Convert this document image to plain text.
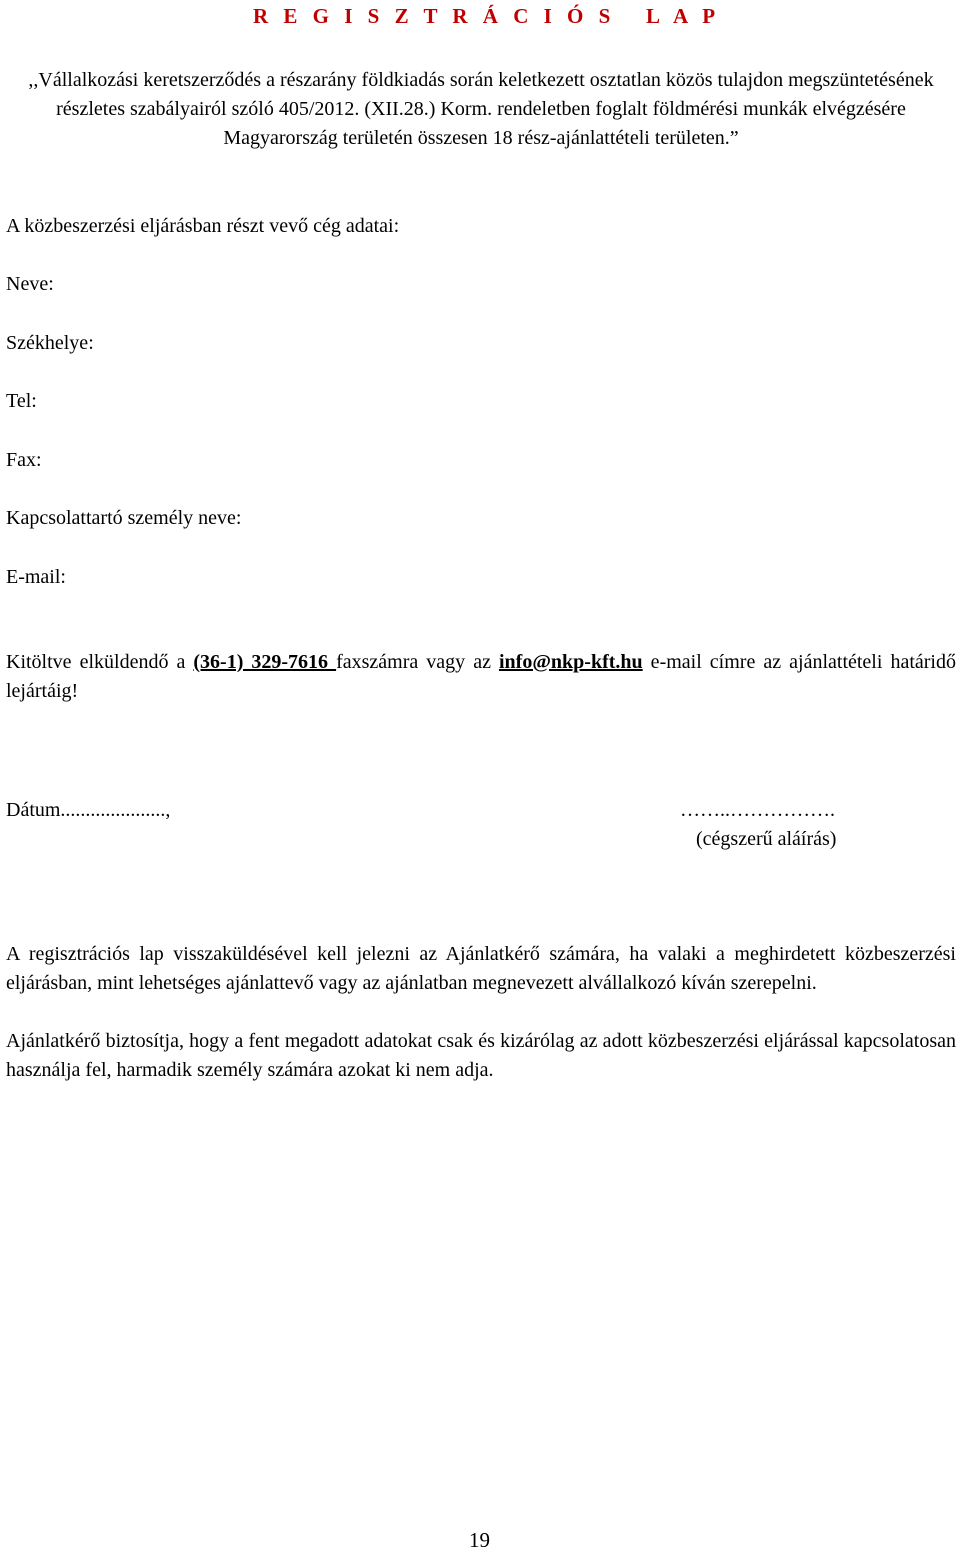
R E G I S Z T R Á C I Ó S   L A P

,,Vállalkozási keretszerződés a részarány földkiadás során keletkezett osztatlan közös tulajdon megszüntetésének részletes szabályairól szóló 405/2012. (XII.28.) Korm. rendeletben foglalt földmérési munkák elvégzésére Magyarország területén összesen 18 rész-ajánlattételi területen.”

A közbeszerzési eljárásban részt vevő cég adatai:

Neve:

Székhelye:

Tel:

Fax:

Kapcsolattartó személy neve:

E-mail:

Kitöltve elküldendő a (36-1) 329-7616 faxszámra vagy az info@nkp-kft.hu e-mail címre az ajánlattételi határidő lejártáig!

Dátum.....................,	……..…………….

(cégszerű aláírás)

A regisztrációs lap visszaküldésével kell jelezni az Ajánlatkérő számára, ha valaki a meghirdetett közbeszerzési eljárásban, mint lehetséges ajánlattevő vagy az ajánlatban megnevezett alvállalkozó kíván szerepelni.

Ajánlatkérő biztosítja, hogy a fent megadott adatokat csak és kizárólag az adott közbeszerzési eljárással kapcsolatosan használja fel, harmadik személy számára azokat ki nem adja.

19
